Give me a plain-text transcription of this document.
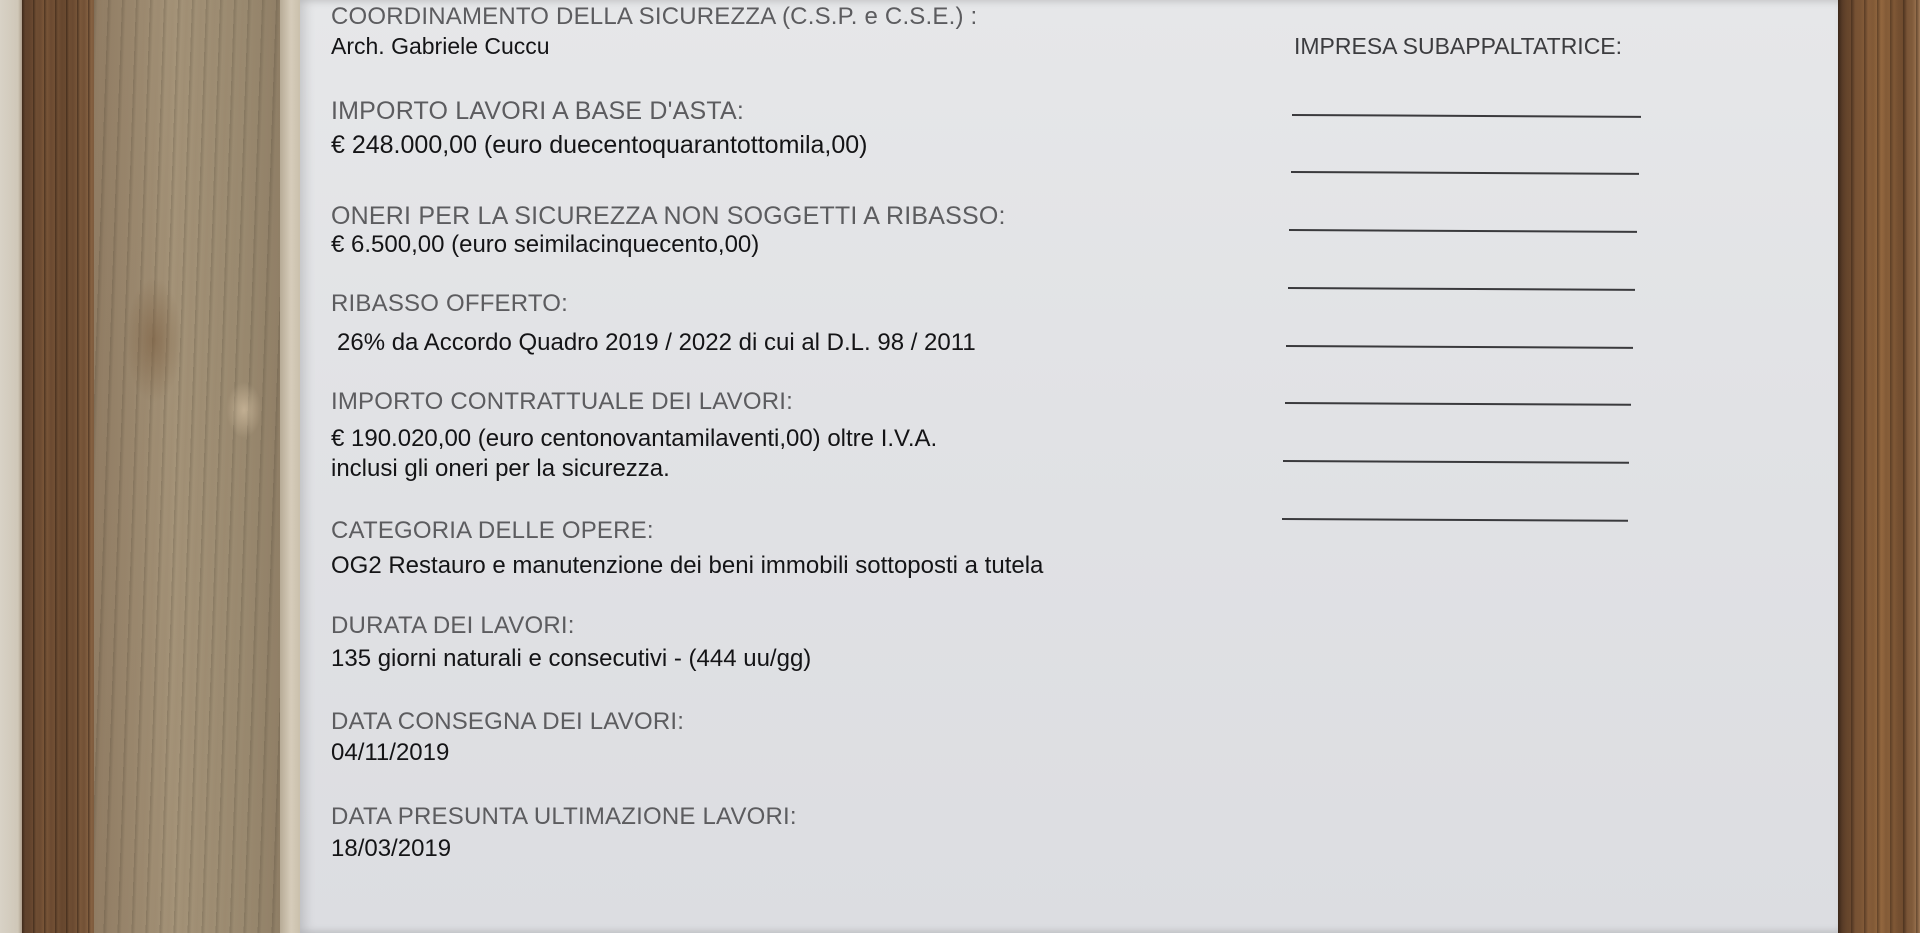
COORDINAMENTO DELLA SICUREZZA (C.S.P. e C.S.E.) :
Arch. Gabriele Cuccu
IMPORTO LAVORI A BASE D'ASTA:
€ 248.000,00 (euro duecentoquarantottomila,00)
ONERI PER LA SICUREZZA NON SOGGETTI A RIBASSO:
€ 6.500,00 (euro seimilacinquecento,00)
RIBASSO OFFERTO:
26% da Accordo Quadro 2019 / 2022 di cui al D.L. 98 / 2011
IMPORTO CONTRATTUALE DEI LAVORI:
€ 190.020,00 (euro centonovantamilaventi,00) oltre I.V.A.
inclusi gli oneri per la sicurezza.
CATEGORIA DELLE OPERE:
OG2 Restauro e manutenzione dei beni immobili sottoposti a tutela
DURATA DEI LAVORI:
135 giorni naturali e consecutivi - (444 uu/gg)
DATA CONSEGNA DEI LAVORI:
04/11/2019
DATA PRESUNTA ULTIMAZIONE LAVORI:
18/03/2019
IMPRESA SUBAPPALTATRICE:
